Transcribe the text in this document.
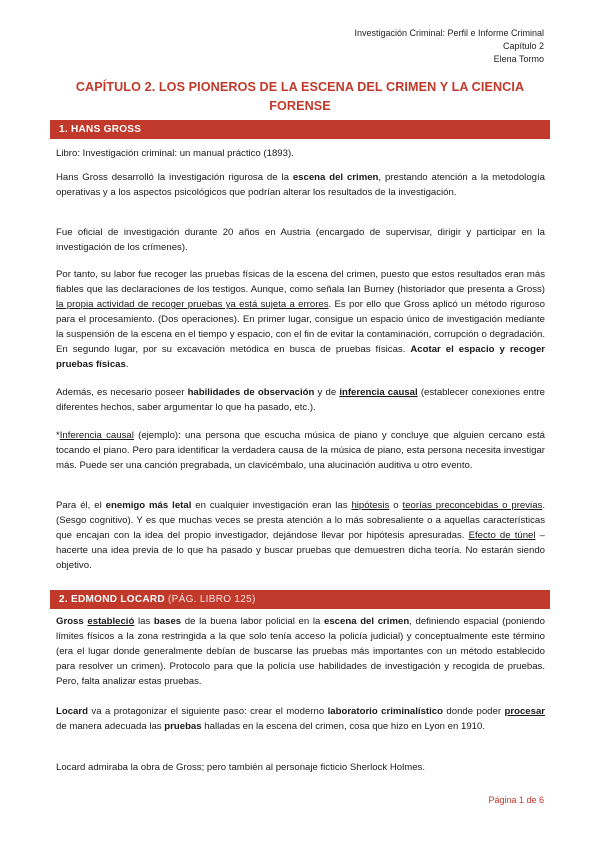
Investigación Criminal: Perfil e Informe Criminal
Capítulo 2
Elena Tormo
CAPÍTULO 2. LOS PIONEROS DE LA ESCENA DEL CRIMEN Y LA CIENCIA
FORENSE
1. HANS GROSS

Libro: Investigación criminal: un manual práctico (1893).

Hans Gross desarrolló la investigación rigurosa de la escena del crimen, prestando atención a la metodología operativas y a los aspectos psicológicos que podrían alterar los resultados de la investigación.

Fue oficial de investigación durante 20 años en Austria (encargado de supervisar, dirigir y participar en la investigación de los crímenes).

Por tanto, su labor fue recoger las pruebas físicas de la escena del crimen, puesto que estos resultados eran más fiables que las declaraciones de los testigos. Aunque, como señala Ian Burney (historiador que presenta a Gross) la propia actividad de recoger pruebas ya está sujeta a errores. Es por ello que Gross aplicó un método riguroso para el procesamiento. (Dos operaciones). En primer lugar, consigue un espacio único de investigación mediante la suspensión de la escena en el tiempo y espacio, con el fin de evitar la contaminación, corrupción o degradación. En segundo lugar, por su excavación metódica en busca de pruebas físicas. Acotar el espacio y recoger pruebas físicas.

Además, es necesario poseer habilidades de observación y de inferencia causal (establecer conexiones entre diferentes hechos, saber argumentar lo que ha pasado, etc.).

*Inferencia causal (ejemplo): una persona que escucha música de piano y concluye que alguien cercano está tocando el piano. Pero para identificar la verdadera causa de la música de piano, esta persona necesita investigar más. Puede ser una canción pregrabada, un clavicémbalo, una alucinación auditiva u otro evento.

Para él, el enemigo más letal en cualquier investigación eran las hipótesis o teorías preconcebidas o previas. (Sesgo cognitivo). Y es que muchas veces se presta atención a lo más sobresaliente o a aquellas características que encajan con la idea del propio investigador, dejándose llevar por hipótesis apresuradas. Efecto de túnel – hacerte una idea previa de lo que ha pasado y buscar pruebas que demuestren dicha teoría. No estarán siendo objetivo.

2. EDMOND LOCARD (PÁG. LIBRO 125)

Gross estableció las bases de la buena labor policial en la escena del crimen, definiendo espacial (poniendo límites físicos a la zona restringida a la que solo tenía acceso la policía judicial) y conceptualmente este término (era el lugar donde generalmente debían de buscarse las pruebas más importantes con un método establecido para resolver un crimen). Protocolo para que la policía use habilidades de investigación y recogida de pruebas. Pero, falta analizar estas pruebas.

Locard va a protagonizar el siguiente paso: crear el moderno laboratorio criminalístico donde poder procesar de manera adecuada las pruebas halladas en la escena del crimen, cosa que hizo en Lyon en 1910.

Locard admiraba la obra de Gross; pero también al personaje ficticio Sherlock Holmes.

Página 1 de 6
